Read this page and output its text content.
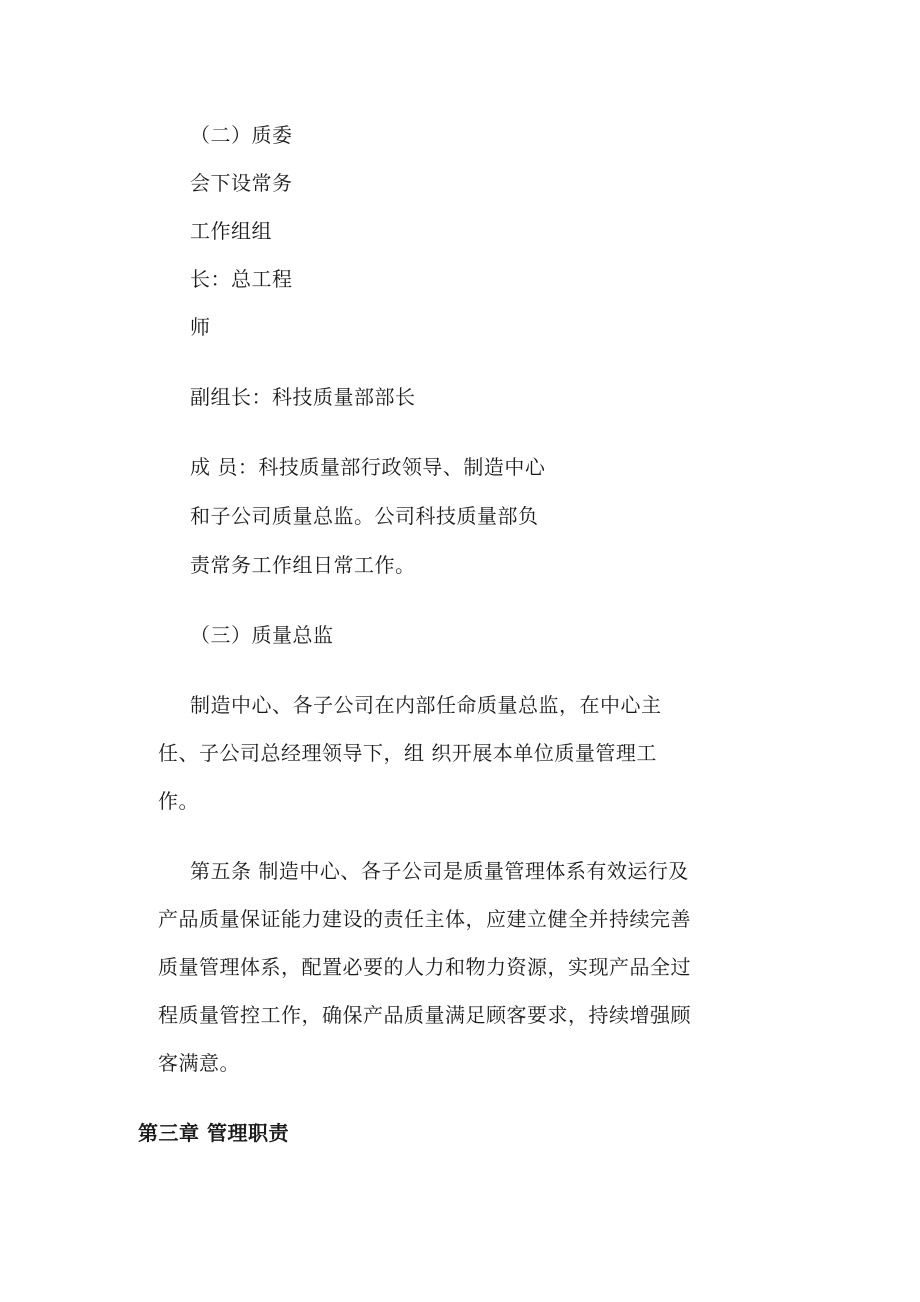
（二）质委
会下设常务
工作组组
长：总工程
师
副组长：科技质量部部长
成 员：科技质量部行政领导、制造中心
和子公司质量总监。公司科技质量部负
责常务工作组日常工作。
（三）质量总监
制造中心、各子公司在内部任命质量总监，在中心主
任、子公司总经理领导下，组 织开展本单位质量管理工
作。
第五条 制造中心、各子公司是质量管理体系有效运行及
产品质量保证能力建设的责任主体，应建立健全并持续完善
质量管理体系，配置必要的人力和物力资源，实现产品全过
程质量管控工作，确保产品质量满足顾客要求，持续增强顾
客满意。
第三章 管理职责
